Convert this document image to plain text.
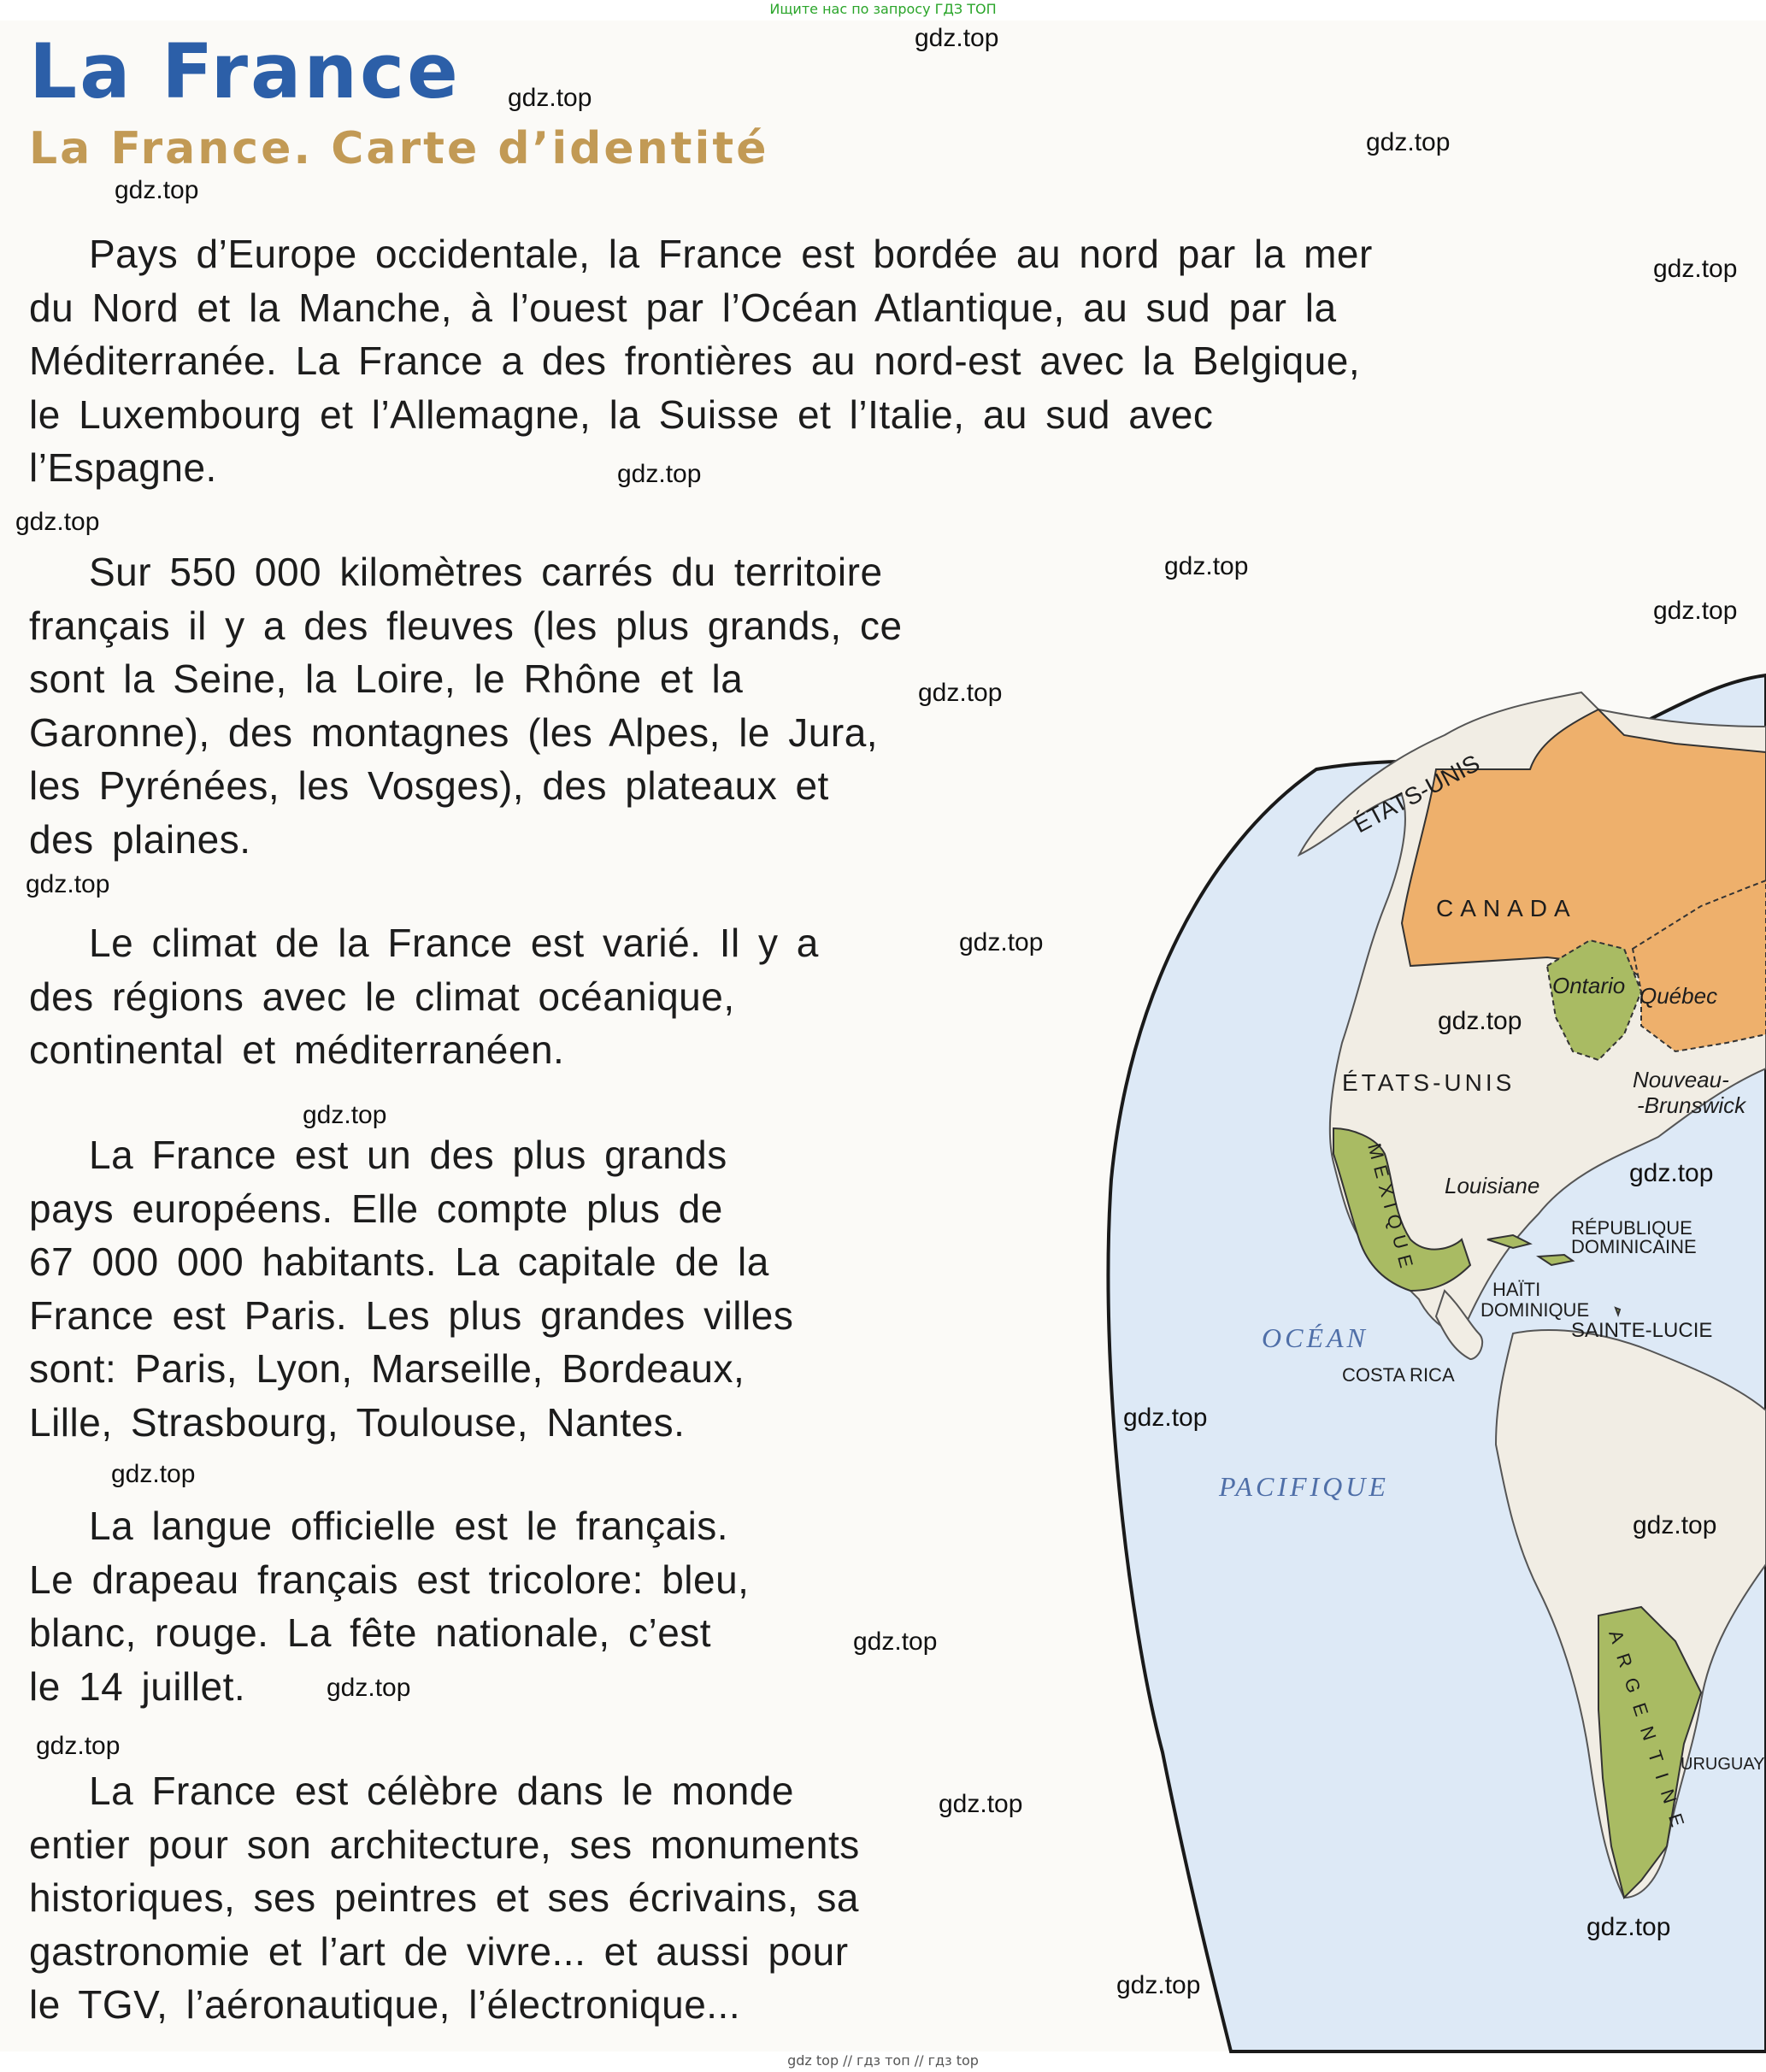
Ищите нас по запросу ГДЗ ТОП
La France
La France. Carte d’identité
ÉTATS-UNIS
CANADA
Ontario Québec
ÉTATS-UNIS	Nouveau-
-Brunswick
MEXIQUE Louisiane
RÉPUBLIQUE
DOMINICAINE
HAÏTI
DOMINIQUE
SAINTE-LUCIE
OCÉAN
PACIFIQUE
COSTA RICA
ARGENTINE
URUGUAY

Pays d’Europe occidentale, la France est bordée au nord par la mer
du Nord et la Manche, à l’ouest par l’Océan Atlantique, au sud par la
Méditerranée. La France a des frontières au nord-est avec la Belgique,
le Luxembourg et l’Allemagne, la Suisse et l’Italie, au sud avec
l’Espagne.

Sur 550 000 kilomètres carrés du territoire
français il y a des fleuves (les plus grands, ce
sont la Seine, la Loire, le Rhône et la
Garonne), des montagnes (les Alpes, le Jura,
les Pyrénées, les Vosges), des plateaux et
des plaines.

Le climat de la France est varié. Il y a
des régions avec le climat océanique,
continental et méditerranéen.

La France est un des plus grands
pays européens. Elle compte plus de
67 000 000 habitants. La capitale de la
France est Paris. Les plus grandes villes
sont: Paris, Lyon, Marseille, Bordeaux,
Lille, Strasbourg, Toulouse, Nantes.

La langue officielle est le français.
Le drapeau français est tricolore: bleu,
blanc, rouge. La fête nationale, c’est
le 14 juillet.

La France est célèbre dans le monde
entier pour son architecture, ses monuments
historiques, ses peintres et ses écrivains, sa
gastronomie et l’art de vivre... et aussi pour
le TGV, l’aéronautique, l’électronique...

gdz.top
gdz.top
gdz.top
gdz.top
gdz.top
gdz.top
gdz.top
gdz.top
gdz.top
gdz.top
gdz.top
gdz.top
gdz.top
gdz.top
gdz.top
gdz.top
gdz.top
gdz.top
gdz.top
gdz.top
gdz.top
gdz.top
gdz.top
gdz.top
gdz top // гдз топ // гдз top
